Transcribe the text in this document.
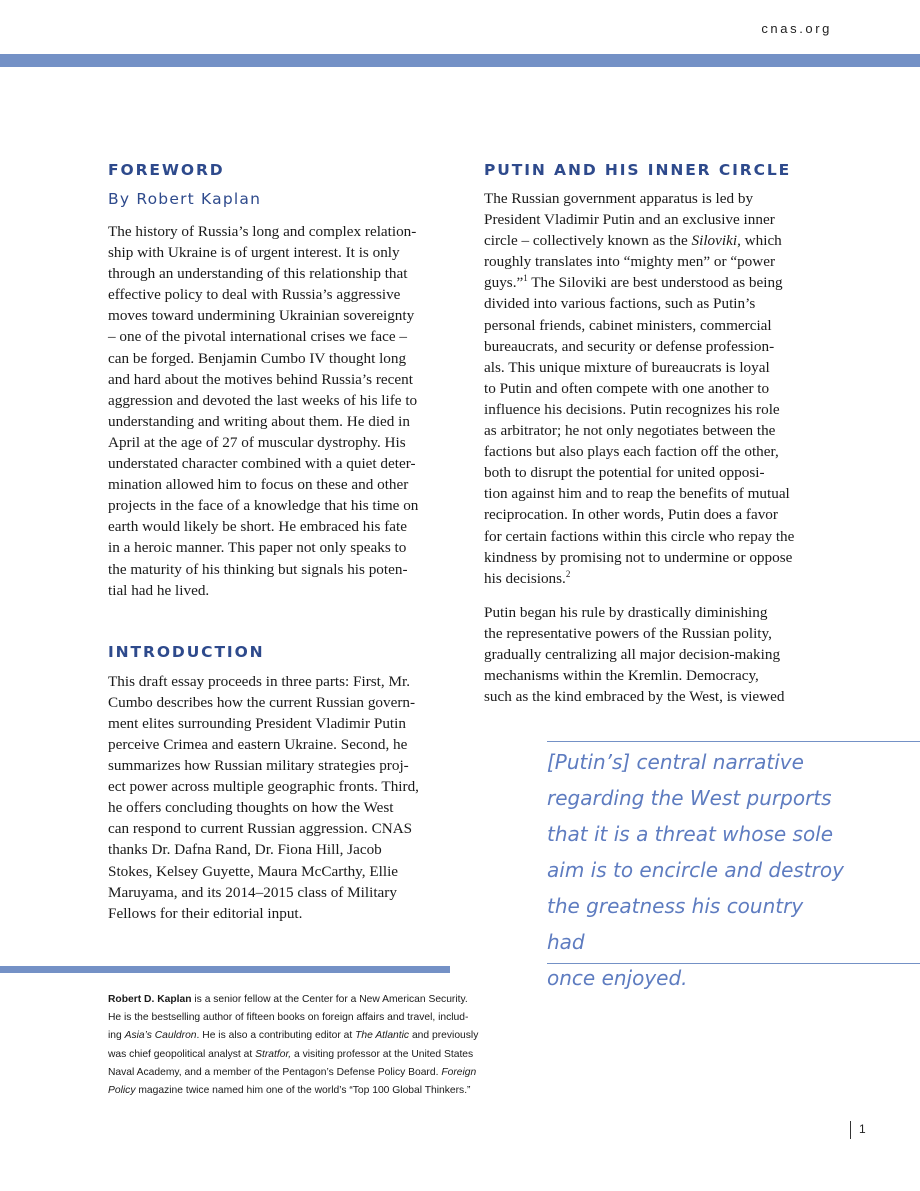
cnas.org
FOREWORD
By Robert Kaplan

The history of Russia’s long and complex relation-

ship with Ukraine is of urgent interest. It is only

through an understanding of this relationship that

effective policy to deal with Russia’s aggressive

moves toward undermining Ukrainian sovereignty

– one of the pivotal international crises we face –

can be forged. Benjamin Cumbo IV thought long

and hard about the motives behind Russia’s recent

aggression and devoted the last weeks of his life to

understanding and writing about them. He died in

April at the age of 27 of muscular dystrophy. His

understated character combined with a quiet deter-

mination allowed him to focus on these and other

projects in the face of a knowledge that his time on

earth would likely be short. He embraced his fate

in a heroic manner. This paper not only speaks to

the maturity of his thinking but signals his poten-

tial had he lived.

INTRODUCTION

This draft essay proceeds in three parts: First, Mr.

Cumbo describes how the current Russian govern-

ment elites surrounding President Vladimir Putin

perceive Crimea and eastern Ukraine. Second, he

summarizes how Russian military strategies proj-

ect power across multiple geographic fronts. Third,

he offers concluding thoughts on how the West

can respond to current Russian aggression. CNAS

thanks Dr. Dafna Rand, Dr. Fiona Hill, Jacob

Stokes, Kelsey Guyette, Maura McCarthy, Ellie

Maruyama, and its 2014–2015 class of Military

Fellows for their editorial input.

Robert D. Kaplan is a senior fellow at the Center for a New American Security.
He is the bestselling author of fifteen books on foreign affairs and travel, includ-
ing Asia’s Cauldron. He is also a contributing editor at The Atlantic and previously
was chief geopolitical analyst at Stratfor, a visiting professor at the United States
Naval Academy, and a member of the Pentagon’s Defense Policy Board. Foreign
Policy magazine twice named him one of the world’s “Top 100 Global Thinkers.”
PUTIN AND HIS INNER CIRCLE

The Russian government apparatus is led by

President Vladimir Putin and an exclusive inner

circle – collectively known as the Siloviki, which

roughly translates into “mighty men” or “power

guys.”$^1$ The Siloviki are best understood as being

divided into various factions, such as Putin’s

personal friends, cabinet ministers, commercial

bureaucrats, and security or defense profession-

als. This unique mixture of bureaucrats is loyal

to Putin and often compete with one another to

influence his decisions. Putin recognizes his role

as arbitrator; he not only negotiates between the

factions but also plays each faction off the other,

both to disrupt the potential for united opposi-

tion against him and to reap the benefits of mutual

reciprocation. In other words, Putin does a favor

for certain factions within this circle who repay the

kindness by promising not to undermine or oppose

his decisions.$^2$

Putin began his rule by drastically diminishing

the representative powers of the Russian polity,

gradually centralizing all major decision-making

mechanisms within the Kremlin. Democracy,

such as the kind embraced by the West, is viewed

[Putin’s] central narrative
regarding the West purports
that it is a threat whose sole
aim is to encircle and destroy
the greatness his country had
once enjoyed.
1
